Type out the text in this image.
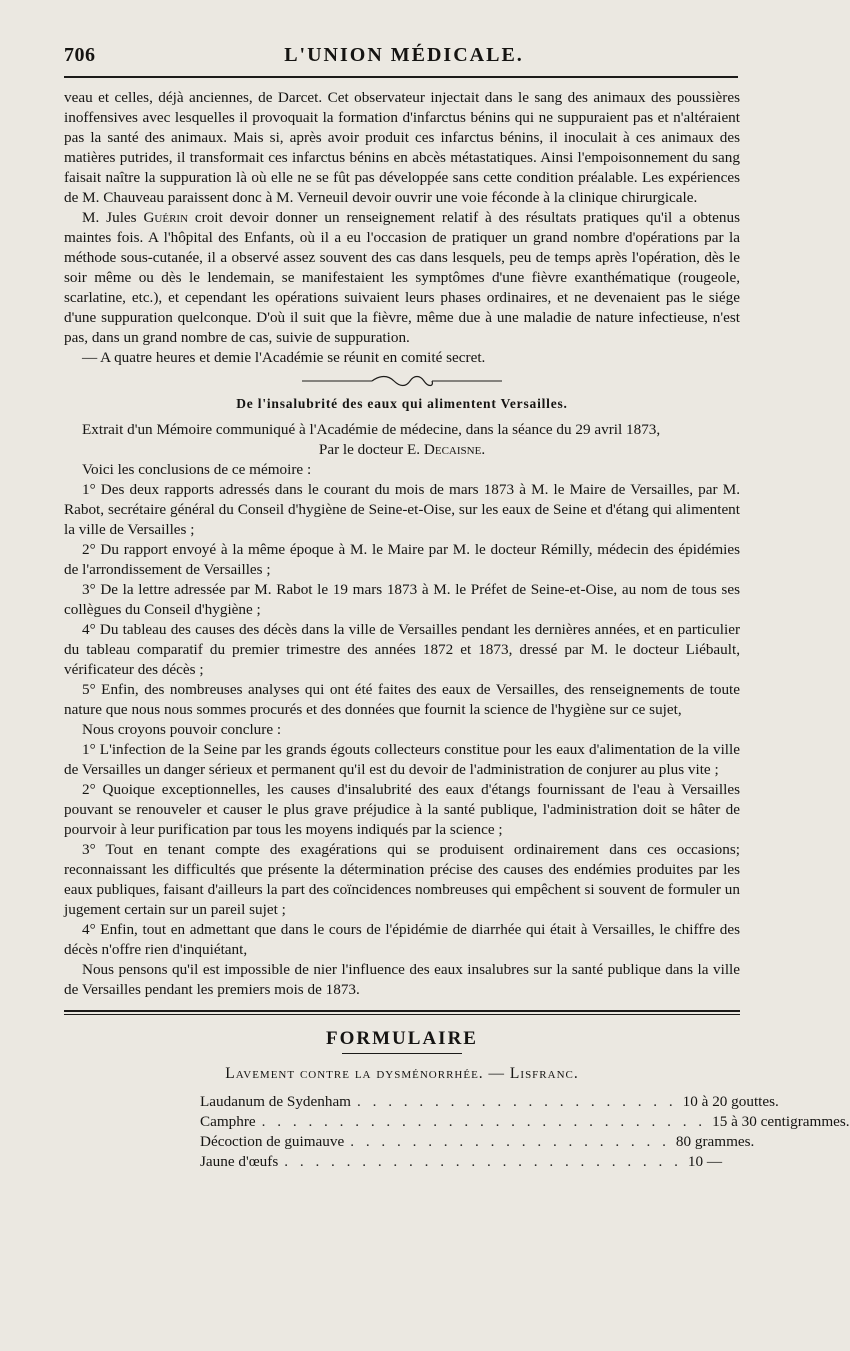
706	L'UNION MÉDICALE.

veau et celles, déjà anciennes, de Darcet. Cet observateur injectait dans le sang des animaux des poussières inoffensives avec lesquelles il provoquait la formation d'infarctus bénins qui ne suppuraient pas et n'altéraient pas la santé des animaux. Mais si, après avoir produit ces infarctus bénins, il inoculait à ces animaux des matières putrides, il transformait ces infarctus bénins en abcès métastatiques. Ainsi l'empoisonnement du sang faisait naître la suppuration là où elle ne se fût pas développée sans cette condition préalable. Les expériences de M. Chauveau paraissent donc à M. Verneuil devoir ouvrir une voie féconde à la clinique chirurgicale.

M. Jules Guérin croit devoir donner un renseignement relatif à des résultats pratiques qu'il a obtenus maintes fois. A l'hôpital des Enfants, où il a eu l'occasion de pratiquer un grand nombre d'opérations par la méthode sous-cutanée, il a observé assez souvent des cas dans lesquels, peu de temps après l'opération, dès le soir même ou dès le lendemain, se manifestaient les symptômes d'une fièvre exanthématique (rougeole, scarlatine, etc.), et cependant les opérations suivaient leurs phases ordinaires, et ne devenaient pas le siége d'une suppuration quelconque. D'où il suit que la fièvre, même due à une maladie de nature infectieuse, n'est pas, dans un grand nombre de cas, suivie de suppuration.

— A quatre heures et demie l'Académie se réunit en comité secret.

De l'insalubrité des eaux qui alimentent Versailles.

Extrait d'un Mémoire communiqué à l'Académie de médecine, dans la séance du 29 avril 1873,

Par le docteur E. Decaisne.

Voici les conclusions de ce mémoire :

1° Des deux rapports adressés dans le courant du mois de mars 1873 à M. le Maire de Versailles, par M. Rabot, secrétaire général du Conseil d'hygiène de Seine-et-Oise, sur les eaux de Seine et d'étang qui alimentent la ville de Versailles ;

2° Du rapport envoyé à la même époque à M. le Maire par M. le docteur Rémilly, médecin des épidémies de l'arrondissement de Versailles ;

3° De la lettre adressée par M. Rabot le 19 mars 1873 à M. le Préfet de Seine-et-Oise, au nom de tous ses collègues du Conseil d'hygiène ;

4° Du tableau des causes des décès dans la ville de Versailles pendant les dernières années, et en particulier du tableau comparatif du premier trimestre des années 1872 et 1873, dressé par M. le docteur Liébault, vérificateur des décès ;

5° Enfin, des nombreuses analyses qui ont été faites des eaux de Versailles, des renseignements de toute nature que nous nous sommes procurés et des données que fournit la science de l'hygiène sur ce sujet,

Nous croyons pouvoir conclure :

1° L'infection de la Seine par les grands égouts collecteurs constitue pour les eaux d'alimentation de la ville de Versailles un danger sérieux et permanent qu'il est du devoir de l'administration de conjurer au plus vite ;

2° Quoique exceptionnelles, les causes d'insalubrité des eaux d'étangs fournissant de l'eau à Versailles pouvant se renouveler et causer le plus grave préjudice à la santé publique, l'administration doit se hâter de pourvoir à leur purification par tous les moyens indiqués par la science ;

3° Tout en tenant compte des exagérations qui se produisent ordinairement dans ces occasions; reconnaissant les difficultés que présente la détermination précise des causes des endémies produites par les eaux publiques, faisant d'ailleurs la part des coïncidences nombreuses qui empêchent si souvent de formuler un jugement certain sur un pareil sujet ;

4° Enfin, tout en admettant que dans le cours de l'épidémie de diarrhée qui était à Versailles, le chiffre des décès n'offre rien d'inquiétant,

Nous pensons qu'il est impossible de nier l'influence des eaux insalubres sur la santé publique dans la ville de Versailles pendant les premiers mois de 1873.

FORMULAIRE
Lavement contre la dysménorrhée. — Lisfranc.
Laudanum de Sydenham . . . . . . . . . . . . . . . . . . . . . 10 à 20 gouttes.
Camphre . . . . . . . . . . . . . . . . . . . . . . . . . . . . . 15 à 30 centigrammes.
Décoction de guimauve . . . . . . . . . . . . . . . . . . . . . 80 grammes.
Jaune d'œufs . . . . . . . . . . . . . . . . . . . . . . . . . . 10 —
